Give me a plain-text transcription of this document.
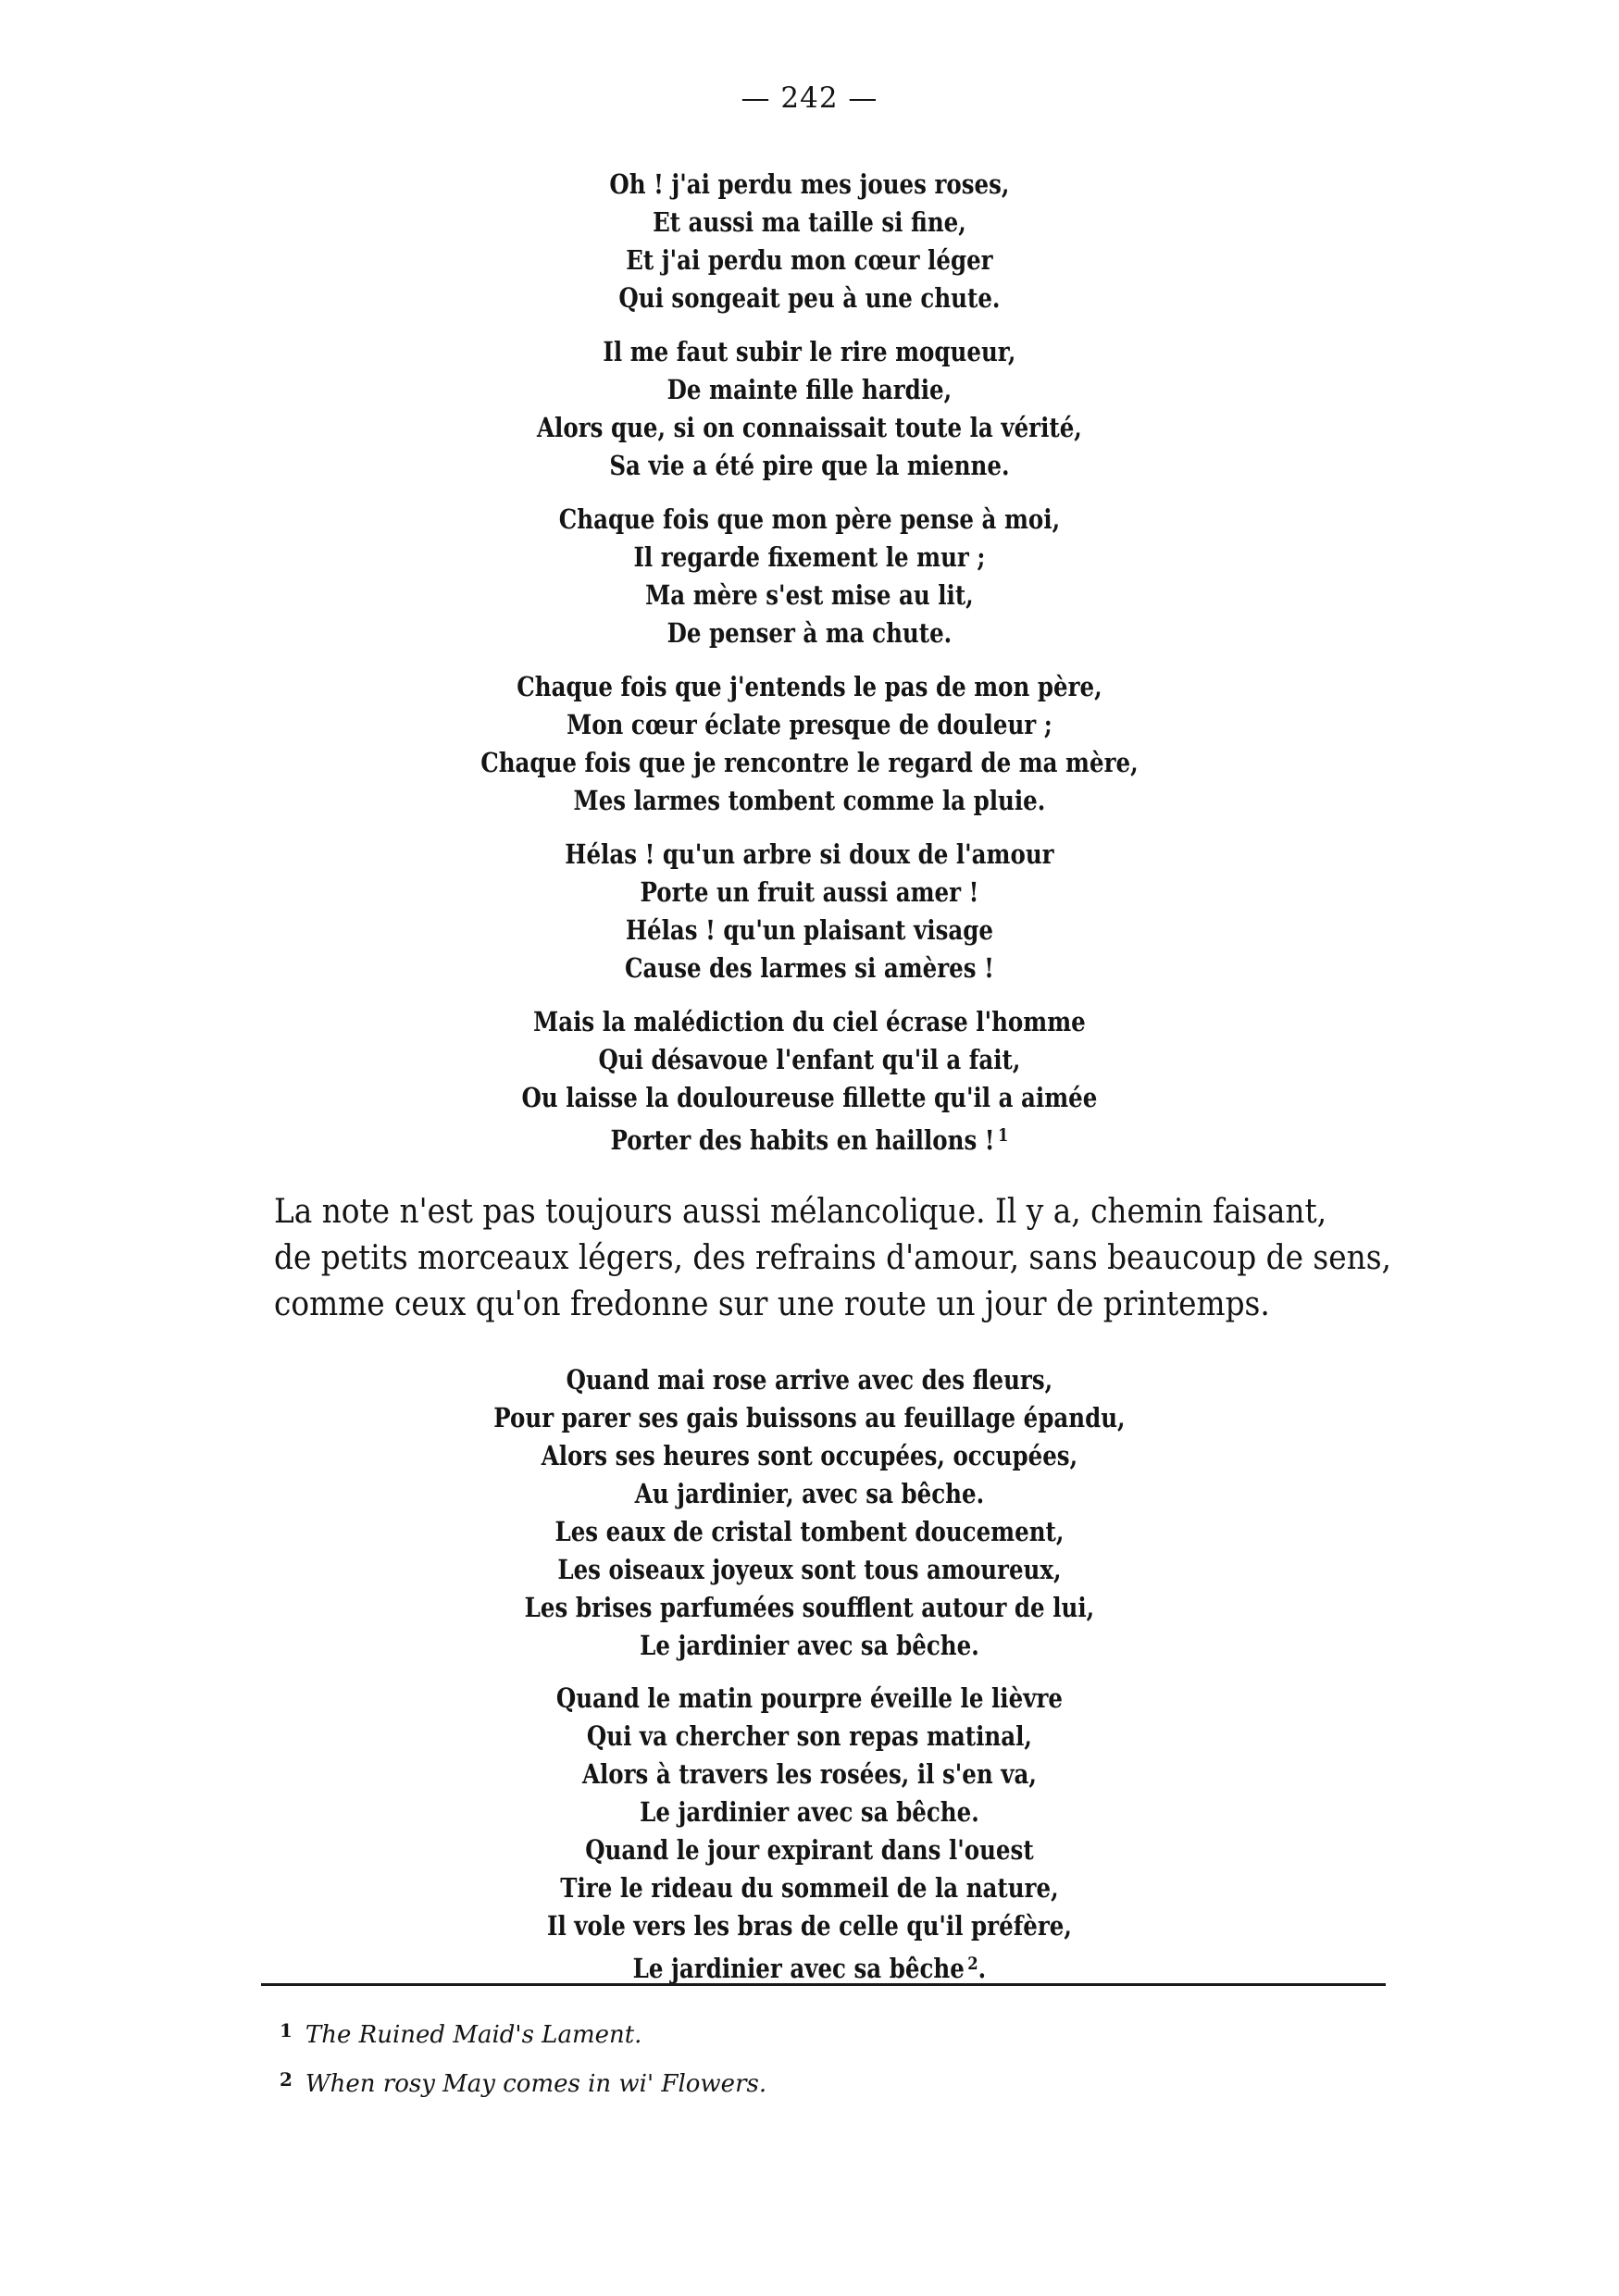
— 242 —
Oh ! j'ai perdu mes joues roses,
Et aussi ma taille si fine,
Et j'ai perdu mon cœur léger
Qui songeait peu à une chute.
Il me faut subir le rire moqueur,
De mainte fille hardie,
Alors que, si on connaissait toute la vérité,
Sa vie a été pire que la mienne.
Chaque fois que mon père pense à moi,
Il regarde fixement le mur ;
Ma mère s'est mise au lit,
De penser à ma chute.
Chaque fois que j'entends le pas de mon père,
Mon cœur éclate presque de douleur ;
Chaque fois que je rencontre le regard de ma mère,
Mes larmes tombent comme la pluie.
Hélas ! qu'un arbre si doux de l'amour
Porte un fruit aussi amer !
Hélas ! qu'un plaisant visage
Cause des larmes si amères !
Mais la malédiction du ciel écrase l'homme
Qui désavoue l'enfant qu'il a fait,
Ou laisse la douloureuse fillette qu'il a aimée
Porter des habits en haillons ! $^1$
La note n'est pas toujours aussi mélancolique. Il y a, chemin faisant,
de petits morceaux légers, des refrains d'amour, sans beaucoup de sens,
comme ceux qu'on fredonne sur une route un jour de printemps.
Quand mai rose arrive avec des fleurs,
Pour parer ses gais buissons au feuillage épandu,
Alors ses heures sont occupées, occupées,
Au jardinier, avec sa bêche.
Les eaux de cristal tombent doucement,
Les oiseaux joyeux sont tous amoureux,
Les brises parfumées soufflent autour de lui,
Le jardinier avec sa bêche.
Quand le matin pourpre éveille le lièvre
Qui va chercher son repas matinal,
Alors à travers les rosées, il s'en va,
Le jardinier avec sa bêche.
Quand le jour expirant dans l'ouest
Tire le rideau du sommeil de la nature,
Il vole vers les bras de celle qu'il préfère,
Le jardinier avec sa bêche $^2$.
$^1$ The Ruined Maid's Lament.
$^2$ When rosy May comes in wi' Flowers.
